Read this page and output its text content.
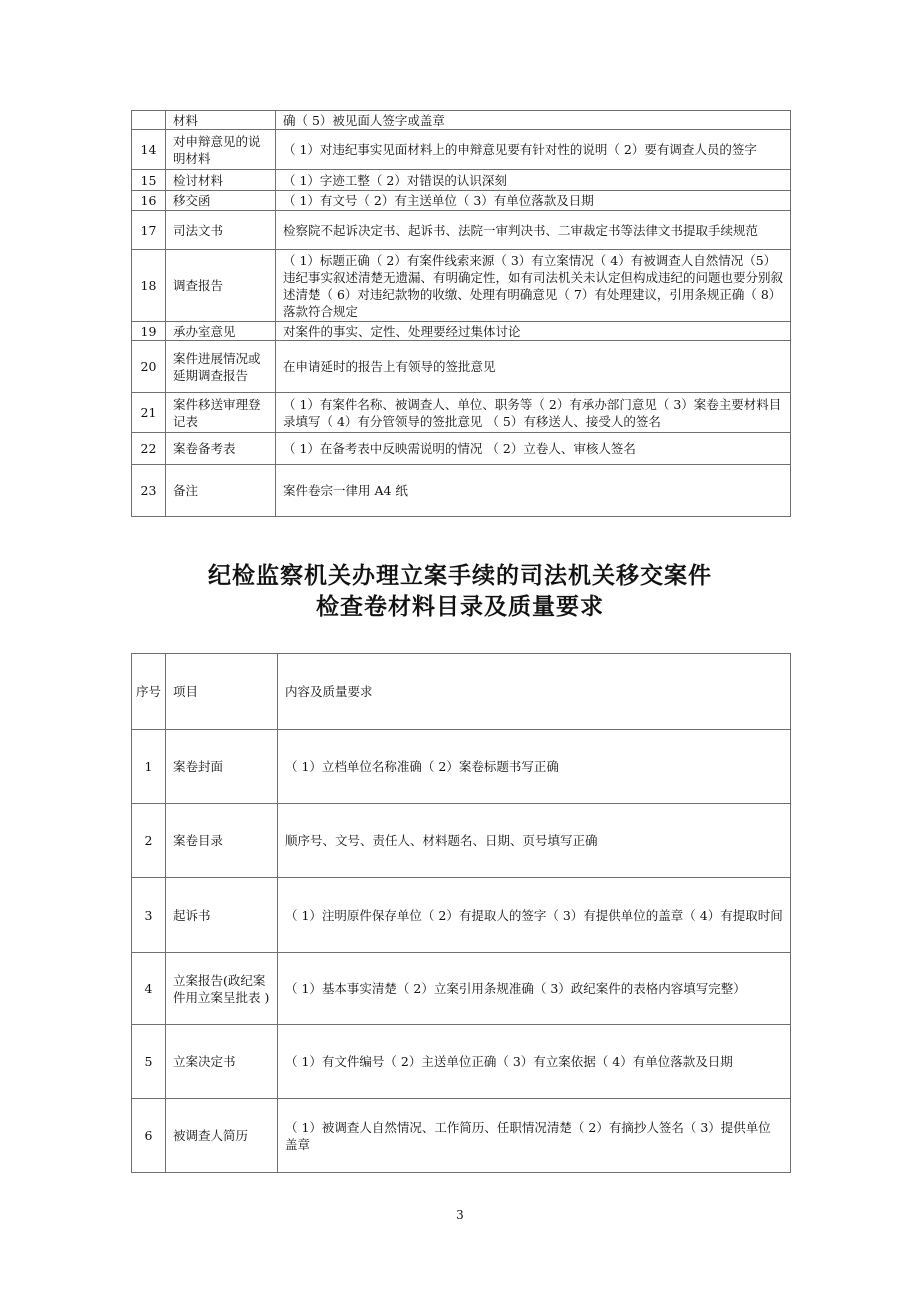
	材料	确（ 5）被见面人签字或盖章
14	对申辩意见的说明材料	（ 1）对违纪事实见面材料上的申辩意见要有针对性的说明（ 2）要有调查人员的签字
15	检讨材料	（ 1）字迹工整（ 2）对错误的认识深刻
16	移交函	（ 1）有文号（ 2）有主送单位（ 3）有单位落款及日期
17	司法文书	检察院不起诉决定书、起诉书、法院一审判决书、二审裁定书等法律文书提取手续规范
18	调查报告	（ 1）标题正确（ 2）有案件线索来源（ 3）有立案情况（ 4）有被调查人自然情况（5）违纪事实叙述清楚无遗漏、有明确定性，如有司法机关未认定但构成违纪的问题也要分别叙述清楚（ 6）对违纪款物的收缴、处理有明确意见（ 7）有处理建议，引用条规正确（ 8）落款符合规定
19	承办室意见	对案件的事实、定性、处理要经过集体讨论
20	案件进展情况或延期调查报告	在申请延时的报告上有领导的签批意见
21	案件移送审理登记表	（ 1）有案件名称、被调查人、单位、职务等（ 2）有承办部门意见（ 3）案卷主要材料目录填写（ 4）有分管领导的签批意见 （ 5）有移送人、接受人的签名
22	案卷备考表	（ 1）在备考表中反映需说明的情况 （ 2）立卷人、审核人签名
23	备注	案件卷宗一律用 A4 纸
纪检监察机关办理立案手续的司法机关移交案件
检查卷材料目录及质量要求
序号	项目	内容及质量要求
1	案卷封面	（ 1）立档单位名称准确（ 2）案卷标题书写正确
2	案卷目录	顺序号、文号、责任人、材料题名、日期、页号填写正确
3	起诉书	（ 1）注明原件保存单位（ 2）有提取人的签字（ 3）有提供单位的盖章（ 4）有提取时间
4	立案报告(政纪案件用立案呈批表 )	（ 1）基本事实清楚（ 2）立案引用条规准确（ 3）政纪案件的表格内容填写完整）
5	立案决定书	（ 1）有文件编号（ 2）主送单位正确（ 3）有立案依据（ 4）有单位落款及日期
6	被调查人简历	（ 1）被调查人自然情况、工作简历、任职情况清楚（ 2）有摘抄人签名（ 3）提供单位盖章
3
